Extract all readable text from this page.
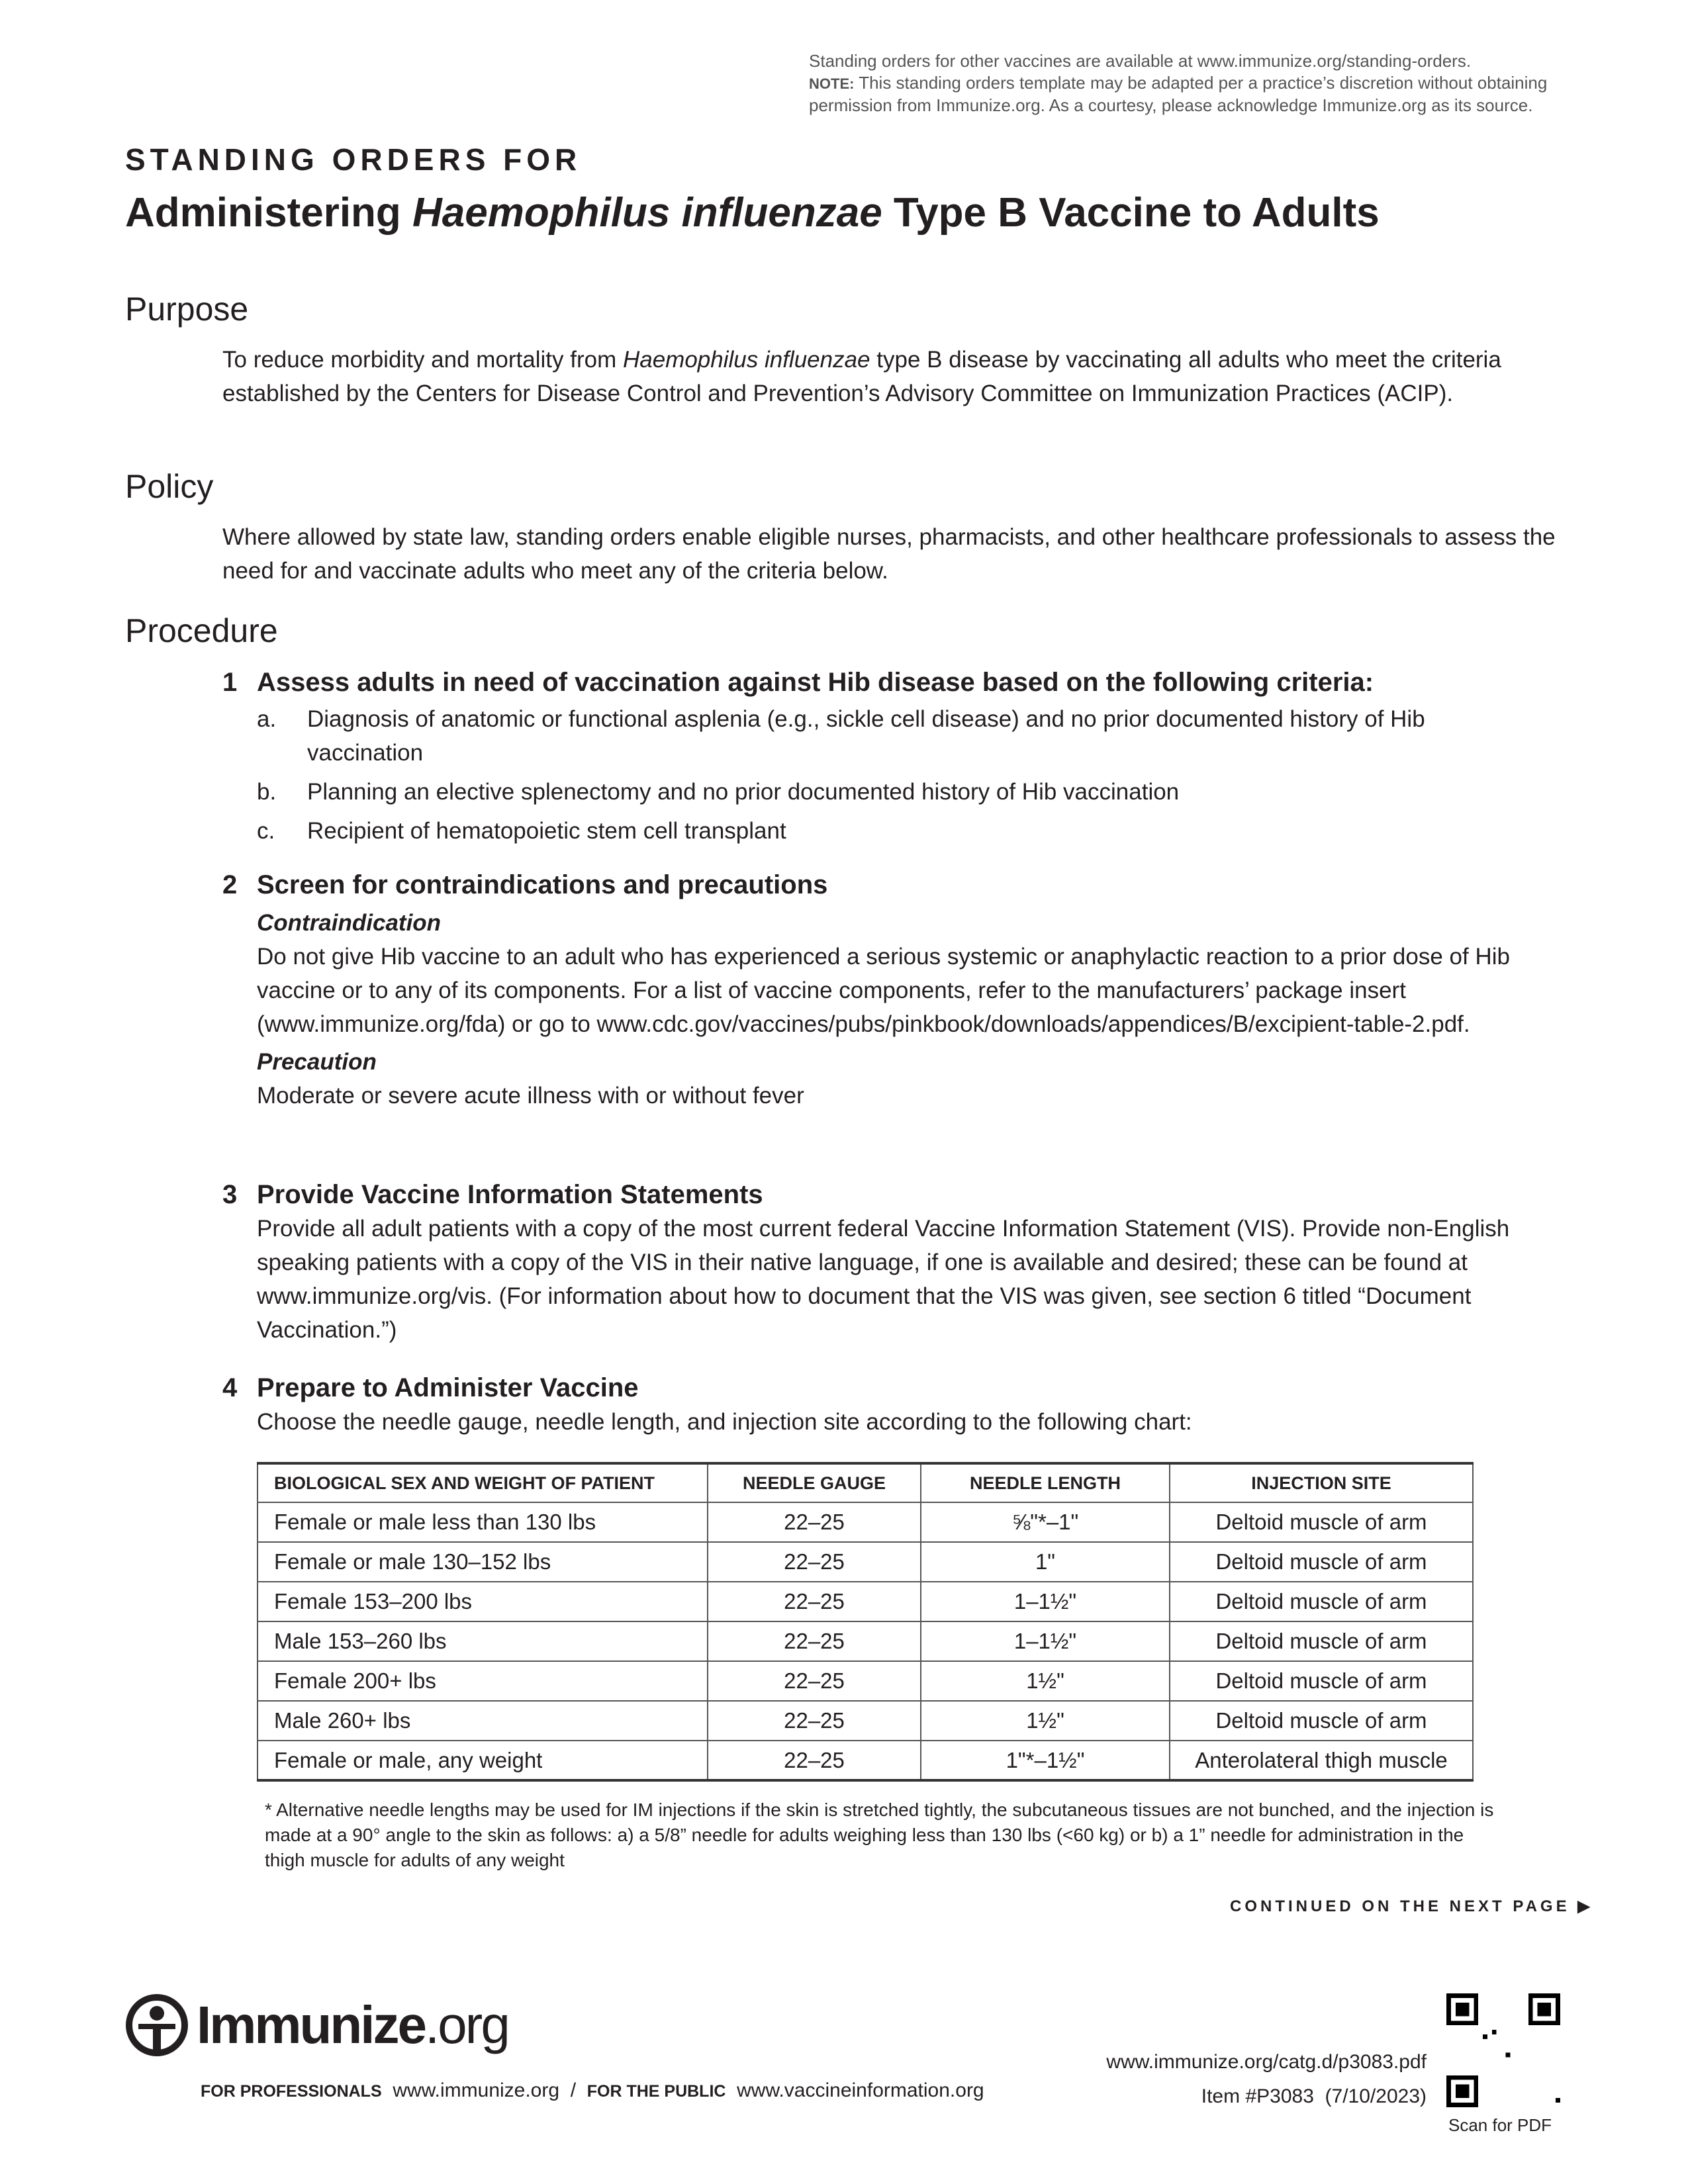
Standing orders for other vaccines are available at www.immunize.org/standing-orders.
NOTE: This standing orders template may be adapted per a practice’s discretion without obtaining permission from Immunize.org. As a courtesy, please acknowledge Immunize.org as its source.
STANDING ORDERS FOR
Administering Haemophilus influenzae Type B Vaccine to Adults
Purpose
To reduce morbidity and mortality from Haemophilus influenzae type B disease by vaccinating all adults who meet the criteria established by the Centers for Disease Control and Prevention’s Advisory Committee on Immunization Practices (ACIP).
Policy
Where allowed by state law, standing orders enable eligible nurses, pharmacists, and other healthcare professionals to assess the need for and vaccinate adults who meet any of the criteria below.
Procedure
1 Assess adults in need of vaccination against Hib disease based on the following criteria:
a.	Diagnosis of anatomic or functional asplenia (e.g., sickle cell disease) and no prior documented history of Hib vaccination
b.	Planning an elective splenectomy and no prior documented history of Hib vaccination
c.	Recipient of hematopoietic stem cell transplant
2 Screen for contraindications and precautions
Contraindication
Do not give Hib vaccine to an adult who has experienced a serious systemic or anaphylactic reaction to a prior dose of Hib vaccine or to any of its components. For a list of vaccine components, refer to the manufacturers’ package insert (www.immunize.org/fda) or go to www.cdc.gov/vaccines/pubs/pinkbook/downloads/appendices/B/excipient-table-2.pdf.
Precaution
Moderate or severe acute illness with or without fever
3 Provide Vaccine Information Statements
Provide all adult patients with a copy of the most current federal Vaccine Information Statement (VIS). Provide non-English speaking patients with a copy of the VIS in their native language, if one is available and desired; these can be found at www.immunize.org/vis. (For information about how to document that the VIS was given, see section 6 titled “Document Vaccination.”)
4 Prepare to Administer Vaccine
Choose the needle gauge, needle length, and injection site according to the following chart:
BIOLOGICAL SEX AND WEIGHT OF PATIENT	NEEDLE GAUGE	NEEDLE LENGTH	INJECTION SITE
Female or male less than 130 lbs	22–25	⅝"*–1"	Deltoid muscle of arm
Female or male 130–152 lbs	22–25	1"	Deltoid muscle of arm
Female 153–200 lbs	22–25	1–1½"	Deltoid muscle of arm
Male 153–260 lbs	22–25	1–1½"	Deltoid muscle of arm
Female 200+ lbs	22–25	1½"	Deltoid muscle of arm
Male 260+ lbs	22–25	1½"	Deltoid muscle of arm
Female or male, any weight	22–25	1"*–1½"	Anterolateral thigh muscle
* Alternative needle lengths may be used for IM injections if the skin is stretched tightly, the subcutaneous tissues are not bunched, and the injection is made at a 90° angle to the skin as follows: a) a 5/8” needle for adults weighing less than 130 lbs (<60 kg) or b) a 1” needle for administration in the thigh muscle for adults of any weight
CONTINUED ON THE NEXT PAGE ▶
Immunize.org
FOR PROFESSIONALS www.immunize.org / FOR THE PUBLIC www.vaccineinformation.org
www.immunize.org/catg.d/p3083.pdf
Item #P3083  (7/10/2023)
Scan for PDF
